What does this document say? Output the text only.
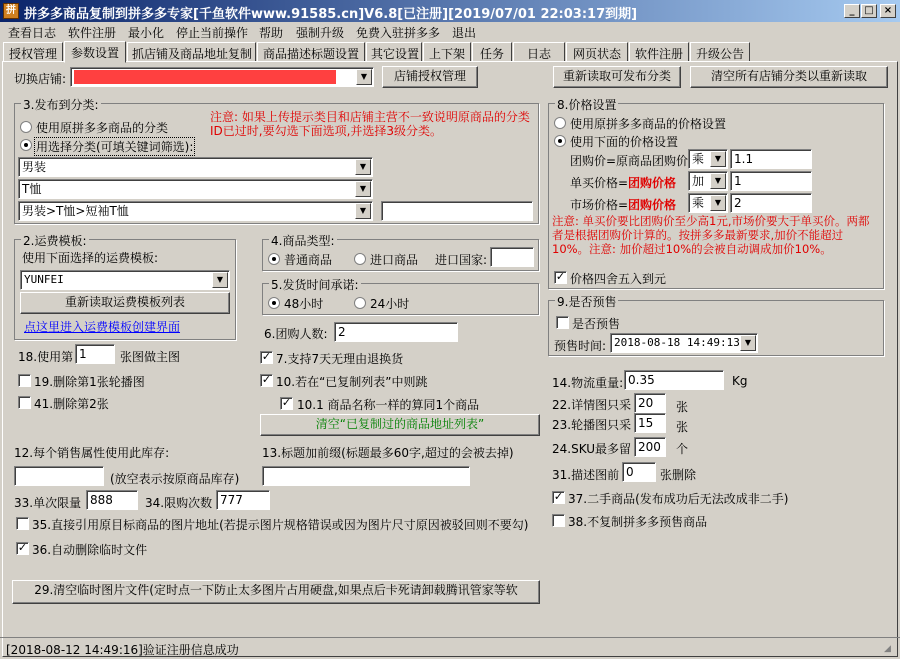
拼 拼多多商品复制到拼多多专家[千鱼软件www.91585.cn]V6.8[已注册][2019/07/01 22:03:17到期]	_ □	×
查看日志 软件注册 最小化 停止当前操作 帮助 强制升级 免费入驻拼多多 退出
授权管理	参数设置	抓店铺及商品地址复制 商品描述标题设置	其它设置 上下架	任务	日志	网页状态	软件注册	升级公告
切换店铺:	▼	店铺授权管理	重新读取可发布分类	清空所有店铺分类以重新读取
3.发布到分类:
使用原拼多多商品的分类
用选择分类(可填关键词筛选):
注意: 如果上传提示类目和店铺主营不一致说明原商品的分类ID已过时,要勾选下面选项,并选择3级分类。
男装	▼
T恤	▼
男装>T恤>短袖T恤	▼
2.运费模板:
使用下面选择的运费模板:
YUNFEI	▼
重新读取运费模板列表
点这里进入运费模板创建界面
4.商品类型:
普通商品	进口商品 进口国家:
5.发货时间承诺:
48小时	24小时
6.团购人数: 2
18.使用第 1	张图做主图
19.删除第1张轮播图
41.删除第2张
✓ 7.支持7天无理由退换货
✓ 10.若在“已复制列表”中则跳
✓ 10.1 商品名称一样的算同1个商品
清空“已复制过的商品地址列表”
12.每个销售属性使用此库存:
(放空表示按原商品库存)
13.标题加前缀(标题最多60字,超过的会被去掉)
33.单次限量 888	34.限购次数 777
35.直接引用原目标商品的图片地址(若提示图片规格错误或因为图片尺寸原因被驳回则不要勾)
✓ 36.自动删除临时文件
29.清空临时图片文件(定时点一下防止太多图片占用硬盘,如果点后卡死请卸载腾讯管家等软
8.价格设置
使用原拼多多商品的价格设置
使用下面的价格设置
团购价=原商品团购价 乘	▼	1.1
单买价格= 团购价格 加	▼	1
市场价格= 团购价格 乘	▼	2
注意: 单买价要比团购价至少高1元,市场价要大于单买价。两都者是根据团购价计算的。按拼多多最新要求,加价不能超过10%。注意: 加价超过10%的会被自动调成加价10%。
✓ 价格四舍五入到元
9.是否预售
是否预售
预售时间: 2018-08-18 14:49:13 ▼
14.物流重量: 0.35	Kg
22.详情图只采 20	张
23.轮播图只采 15	张
24.SKU最多留 200	个
31.描述图前 0	张删除
✓ 37.二手商品(发布成功后无法改成非二手)
38.不复制拼多多预售商品
[2018-08-12 14:49:16]验证注册信息成功	◢
